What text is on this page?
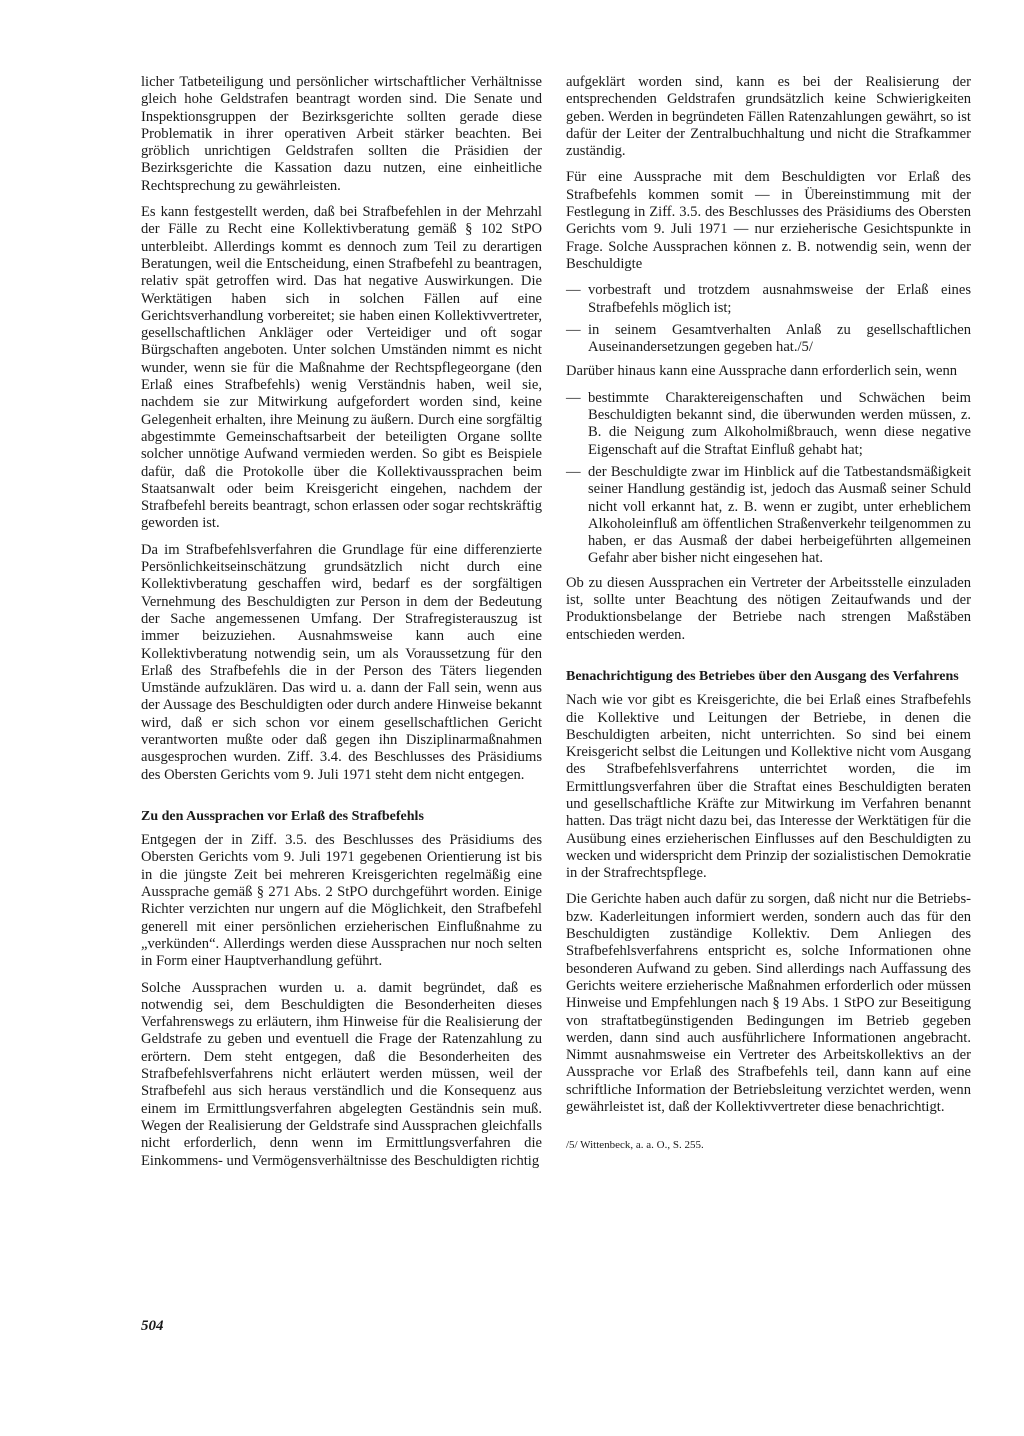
licher Tatbeteiligung und persönlicher wirtschaftlicher Verhältnisse gleich hohe Geldstrafen beantragt worden sind. Die Senate und Inspektionsgruppen der Bezirksgerichte sollten gerade diese Problematik in ihrer operativen Arbeit stärker beachten. Bei gröblich unrichtigen Geldstrafen sollten die Präsidien der Bezirksgerichte die Kassation dazu nutzen, eine einheitliche Rechtsprechung zu gewährleisten.

Es kann festgestellt werden, daß bei Strafbefehlen in der Mehrzahl der Fälle zu Recht eine Kollektivberatung gemäß § 102 StPO unterbleibt. Allerdings kommt es dennoch zum Teil zu derartigen Beratungen, weil die Entscheidung, einen Strafbefehl zu beantragen, relativ spät getroffen wird. Das hat negative Auswirkungen. Die Werktätigen haben sich in solchen Fällen auf eine Gerichtsverhandlung vorbereitet; sie haben einen Kollektivvertreter, gesellschaftlichen Ankläger oder Verteidiger und oft sogar Bürgschaften angeboten. Unter solchen Umständen nimmt es nicht wunder, wenn sie für die Maßnahme der Rechtspflegeorgane (den Erlaß eines Strafbefehls) wenig Verständnis haben, weil sie, nachdem sie zur Mitwirkung aufgefordert worden sind, keine Gelegenheit erhalten, ihre Meinung zu äußern. Durch eine sorgfältig abgestimmte Gemeinschaftsarbeit der beteiligten Organe sollte solcher unnötige Aufwand vermieden werden. So gibt es Beispiele dafür, daß die Protokolle über die Kollektivaussprachen beim Staatsanwalt oder beim Kreisgericht eingehen, nachdem der Strafbefehl bereits beantragt, schon erlassen oder sogar rechtskräftig geworden ist.

Da im Strafbefehlsverfahren die Grundlage für eine differenzierte Persönlichkeitseinschätzung grundsätzlich nicht durch eine Kollektivberatung geschaffen wird, bedarf es der sorgfältigen Vernehmung des Beschuldigten zur Person in dem der Bedeutung der Sache angemessenen Umfang. Der Strafregisterauszug ist immer beizuziehen. Ausnahmsweise kann auch eine Kollektivberatung notwendig sein, um als Voraussetzung für den Erlaß des Strafbefehls die in der Person des Täters liegenden Umstände aufzuklären. Das wird u. a. dann der Fall sein, wenn aus der Aussage des Beschuldigten oder durch andere Hinweise bekannt wird, daß er sich schon vor einem gesellschaftlichen Gericht verantworten mußte oder daß gegen ihn Disziplinarmaßnahmen ausgesprochen wurden. Ziff. 3.4. des Beschlusses des Präsidiums des Obersten Gerichts vom 9. Juli 1971 steht dem nicht entgegen.

Zu den Aussprachen vor Erlaß des Strafbefehls

Entgegen der in Ziff. 3.5. des Beschlusses des Präsidiums des Obersten Gerichts vom 9. Juli 1971 gegebenen Orientierung ist bis in die jüngste Zeit bei mehreren Kreisgerichten regelmäßig eine Aussprache gemäß § 271 Abs. 2 StPO durchgeführt worden. Einige Richter verzichten nur ungern auf die Möglichkeit, den Strafbefehl generell mit einer persönlichen erzieherischen Einflußnahme zu „verkünden“. Allerdings werden diese Aussprachen nur noch selten in Form einer Hauptverhandlung geführt.

Solche Aussprachen wurden u. a. damit begründet, daß es notwendig sei, dem Beschuldigten die Besonderheiten dieses Verfahrenswegs zu erläutern, ihm Hinweise für die Realisierung der Geldstrafe zu geben und eventuell die Frage der Ratenzahlung zu erörtern. Dem steht entgegen, daß die Besonderheiten des Strafbefehlsverfahrens nicht erläutert werden müssen, weil der Strafbefehl aus sich heraus verständlich und die Konsequenz aus einem im Ermittlungsverfahren abgelegten Geständnis sein muß. Wegen der Realisierung der Geldstrafe sind Aussprachen gleichfalls nicht erforderlich, denn wenn im Ermittlungsverfahren die Einkommens- und Vermögensverhältnisse des Beschuldigten richtig

aufgeklärt worden sind, kann es bei der Realisierung der entsprechenden Geldstrafen grundsätzlich keine Schwierigkeiten geben. Werden in begründeten Fällen Ratenzahlungen gewährt, so ist dafür der Leiter der Zentralbuchhaltung und nicht die Strafkammer zuständig.

Für eine Aussprache mit dem Beschuldigten vor Erlaß des Strafbefehls kommen somit — in Übereinstimmung mit der Festlegung in Ziff. 3.5. des Beschlusses des Präsidiums des Obersten Gerichts vom 9. Juli 1971 — nur erzieherische Gesichtspunkte in Frage. Solche Aussprachen können z. B. notwendig sein, wenn der Beschuldigte

— vorbestraft und trotzdem ausnahmsweise der Erlaß eines Strafbefehls möglich ist;
— in seinem Gesamtverhalten Anlaß zu gesellschaftlichen Auseinandersetzungen gegeben hat./5/

Darüber hinaus kann eine Aussprache dann erforderlich sein, wenn

— bestimmte Charaktereigenschaften und Schwächen beim Beschuldigten bekannt sind, die überwunden werden müssen, z. B. die Neigung zum Alkoholmißbrauch, wenn diese negative Eigenschaft auf die Straftat Einfluß gehabt hat;
— der Beschuldigte zwar im Hinblick auf die Tatbestandsmäßigkeit seiner Handlung geständig ist, jedoch das Ausmaß seiner Schuld nicht voll erkannt hat, z. B. wenn er zugibt, unter erheblichem Alkoholeinfluß am öffentlichen Straßenverkehr teilgenommen zu haben, er das Ausmaß der dabei herbeigeführten allgemeinen Gefahr aber bisher nicht eingesehen hat.

Ob zu diesen Aussprachen ein Vertreter der Arbeitsstelle einzuladen ist, sollte unter Beachtung des nötigen Zeitaufwands und der Produktionsbelange der Betriebe nach strengen Maßstäben entschieden werden.

Benachrichtigung des Betriebes über den Ausgang des Verfahrens

Nach wie vor gibt es Kreisgerichte, die bei Erlaß eines Strafbefehls die Kollektive und Leitungen der Betriebe, in denen die Beschuldigten arbeiten, nicht unterrichten. So sind bei einem Kreisgericht selbst die Leitungen und Kollektive nicht vom Ausgang des Strafbefehlsverfahrens unterrichtet worden, die im Ermittlungsverfahren über die Straftat eines Beschuldigten beraten und gesellschaftliche Kräfte zur Mitwirkung im Verfahren benannt hatten. Das trägt nicht dazu bei, das Interesse der Werktätigen für die Ausübung eines erzieherischen Einflusses auf den Beschuldigten zu wecken und widerspricht dem Prinzip der sozialistischen Demokratie in der Strafrechtspflege.

Die Gerichte haben auch dafür zu sorgen, daß nicht nur die Betriebs- bzw. Kaderleitungen informiert werden, sondern auch das für den Beschuldigten zuständige Kollektiv. Dem Anliegen des Strafbefehlsverfahrens entspricht es, solche Informationen ohne besonderen Aufwand zu geben. Sind allerdings nach Auffassung des Gerichts weitere erzieherische Maßnahmen erforderlich oder müssen Hinweise und Empfehlungen nach § 19 Abs. 1 StPO zur Beseitigung von straftatbegünstigenden Bedingungen im Betrieb gegeben werden, dann sind auch ausführlichere Informationen angebracht. Nimmt ausnahmsweise ein Vertreter des Arbeitskollektivs an der Aussprache vor Erlaß des Strafbefehls teil, dann kann auf eine schriftliche Information der Betriebsleitung verzichtet werden, wenn gewährleistet ist, daß der Kollektivvertreter diese benachrichtigt.

/5/ Wittenbeck, a. a. O., S. 255.
504
